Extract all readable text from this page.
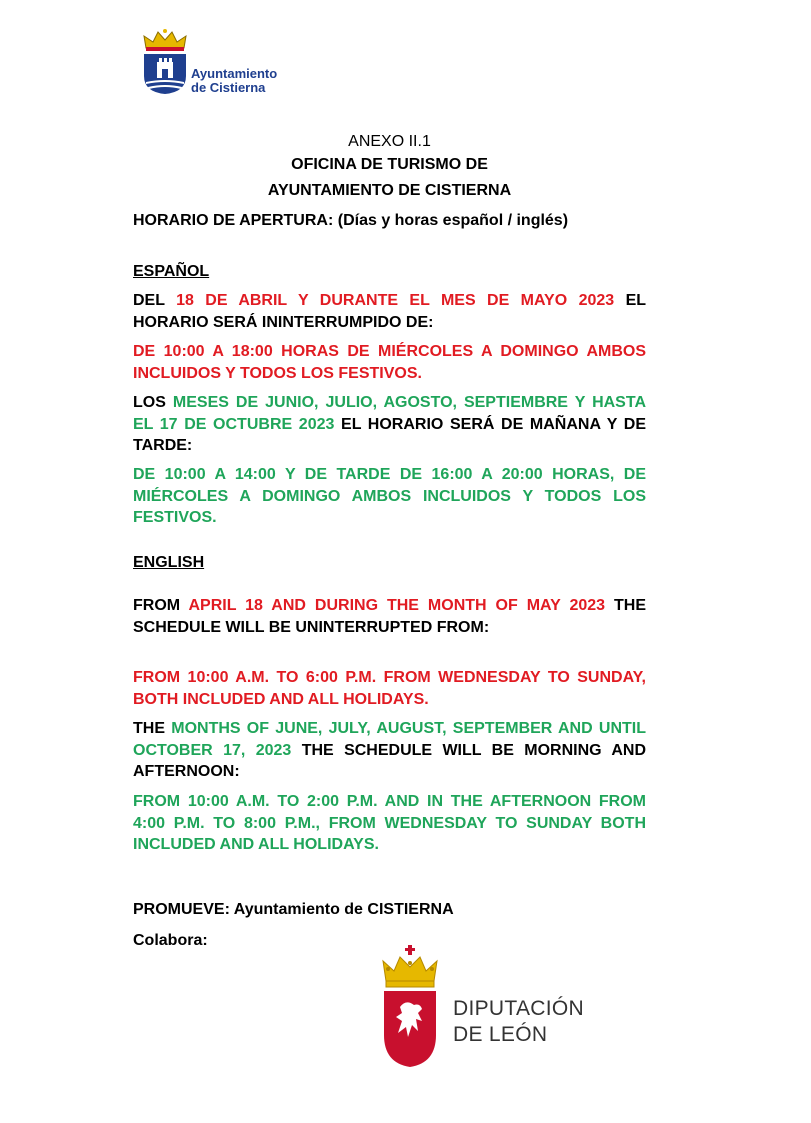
Ayuntamiento
de Cistierna

ANEXO II.1

OFICINA DE TURISMO DE

AYUNTAMIENTO DE CISTIERNA

HORARIO DE APERTURA: (Días y horas español / inglés)

ESPAÑOL

DEL 18 DE ABRIL Y DURANTE EL MES DE MAYO 2023 EL HORARIO SERÁ ININTERRUMPIDO DE:

DE 10:00 A 18:00 HORAS DE MIÉRCOLES A DOMINGO AMBOS INCLUIDOS Y TODOS LOS FESTIVOS.

LOS MESES DE JUNIO, JULIO, AGOSTO, SEPTIEMBRE Y HASTA EL 17 DE OCTUBRE 2023 EL HORARIO SERÁ DE MAÑANA Y DE TARDE:

DE 10:00 A 14:00 Y DE TARDE DE 16:00 A 20:00 HORAS, DE MIÉRCOLES A DOMINGO AMBOS INCLUIDOS Y TODOS LOS FESTIVOS.

ENGLISH

FROM APRIL 18 AND DURING THE MONTH OF MAY 2023 THE SCHEDULE WILL BE UNINTERRUPTED FROM:

FROM 10:00 A.M. TO 6:00 P.M. FROM WEDNESDAY TO SUNDAY, BOTH INCLUDED AND ALL HOLIDAYS.

THE MONTHS OF JUNE, JULY, AUGUST, SEPTEMBER AND UNTIL OCTOBER 17, 2023 THE SCHEDULE WILL BE MORNING AND AFTERNOON:

FROM 10:00 A.M. TO 2:00 P.M. AND IN THE AFTERNOON FROM 4:00 P.M. TO 8:00 P.M., FROM WEDNESDAY TO SUNDAY BOTH INCLUDED AND ALL HOLIDAYS.

PROMUEVE: Ayuntamiento de CISTIERNA

Colabora:

DIPUTACIÓN
DE LEÓN
